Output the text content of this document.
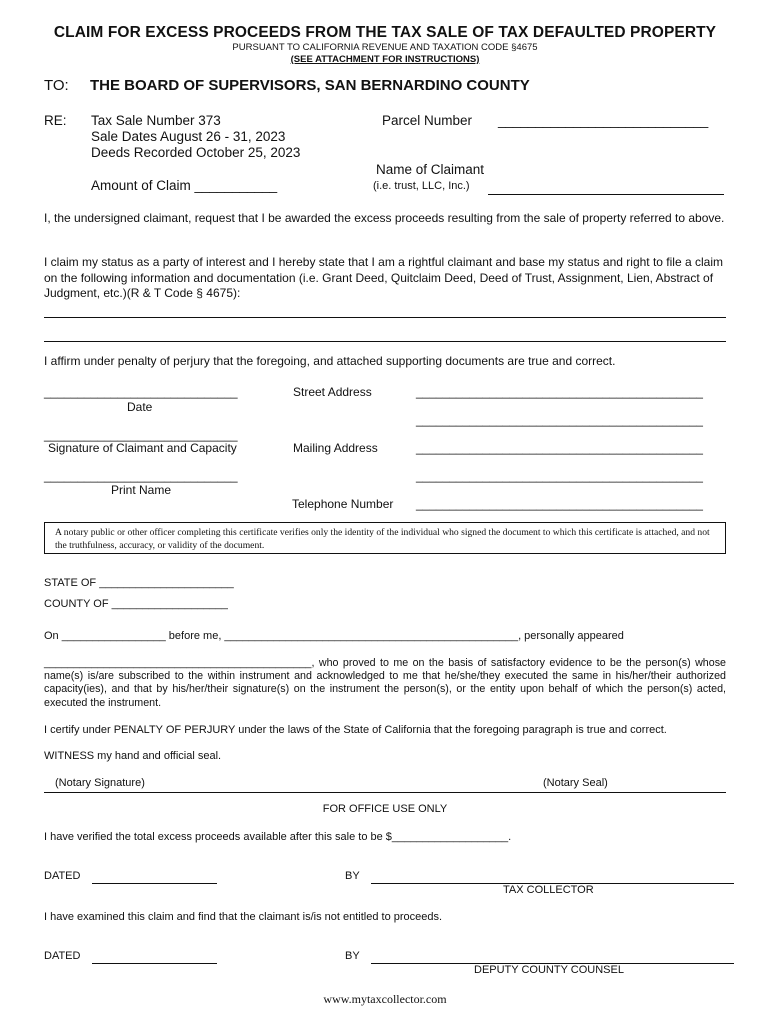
CLAIM FOR EXCESS PROCEEDS FROM THE TAX SALE OF TAX DEFAULTED PROPERTY
PURSUANT TO CALIFORNIA REVENUE AND TAXATION CODE §4675
(SEE ATTACHMENT FOR INSTRUCTIONS)
TO: THE BOARD OF SUPERVISORS, SAN BERNARDINO COUNTY
RE: Tax Sale Number 373
Sale Dates August 26 - 31, 2023
Deeds Recorded October 25, 2023
Amount of Claim ___________
Parcel Number ____________________________
Name of Claimant
(i.e. trust, LLC, Inc.)
I, the undersigned claimant, request that I be awarded the excess proceeds resulting from the sale of property referred to above.
I claim my status as a party of interest and I hereby state that I am a rightful claimant and base my status and right to file a claim on the following information and documentation (i.e. Grant Deed, Quitclaim Deed, Deed of Trust, Assignment, Lien, Abstract of Judgment, etc.)(R & T Code § 4675):
I affirm under penalty of perjury that the foregoing, and attached supporting documents are true and correct.
_____________________________
Date
_____________________________
Signature of Claimant and Capacity
_____________________________
Print Name
Street Address	___________________________________________
___________________________________________
Mailing Address	___________________________________________
___________________________________________
Telephone Number ___________________________________________
A notary public or other officer completing this certificate verifies only the identity of the individual who signed the document to which this certificate is attached, and not the truthfulness, accuracy, or validity of the document.
STATE OF ______________________
COUNTY OF ___________________
On _________________ before me, ________________________________________________, personally appeared
_____________________________________________, who proved to me on the basis of satisfactory evidence to be the person(s) whose name(s) is/are subscribed to the within instrument and acknowledged to me that he/she/they executed the same in his/her/their authorized capacity(ies), and that by his/her/their signature(s) on the instrument the person(s), or the entity upon behalf of which the person(s) acted, executed the instrument.
I certify under PENALTY OF PERJURY under the laws of the State of California that the foregoing paragraph is true and correct.
WITNESS my hand and official seal.
(Notary Signature)	(Notary Seal)
FOR OFFICE USE ONLY
I have verified the total excess proceeds available after this sale to be $___________________.
DATED	BY
TAX COLLECTOR
I have examined this claim and find that the claimant is/is not entitled to proceeds.
DATED	BY
DEPUTY COUNTY COUNSEL
www.mytaxcollector.com
